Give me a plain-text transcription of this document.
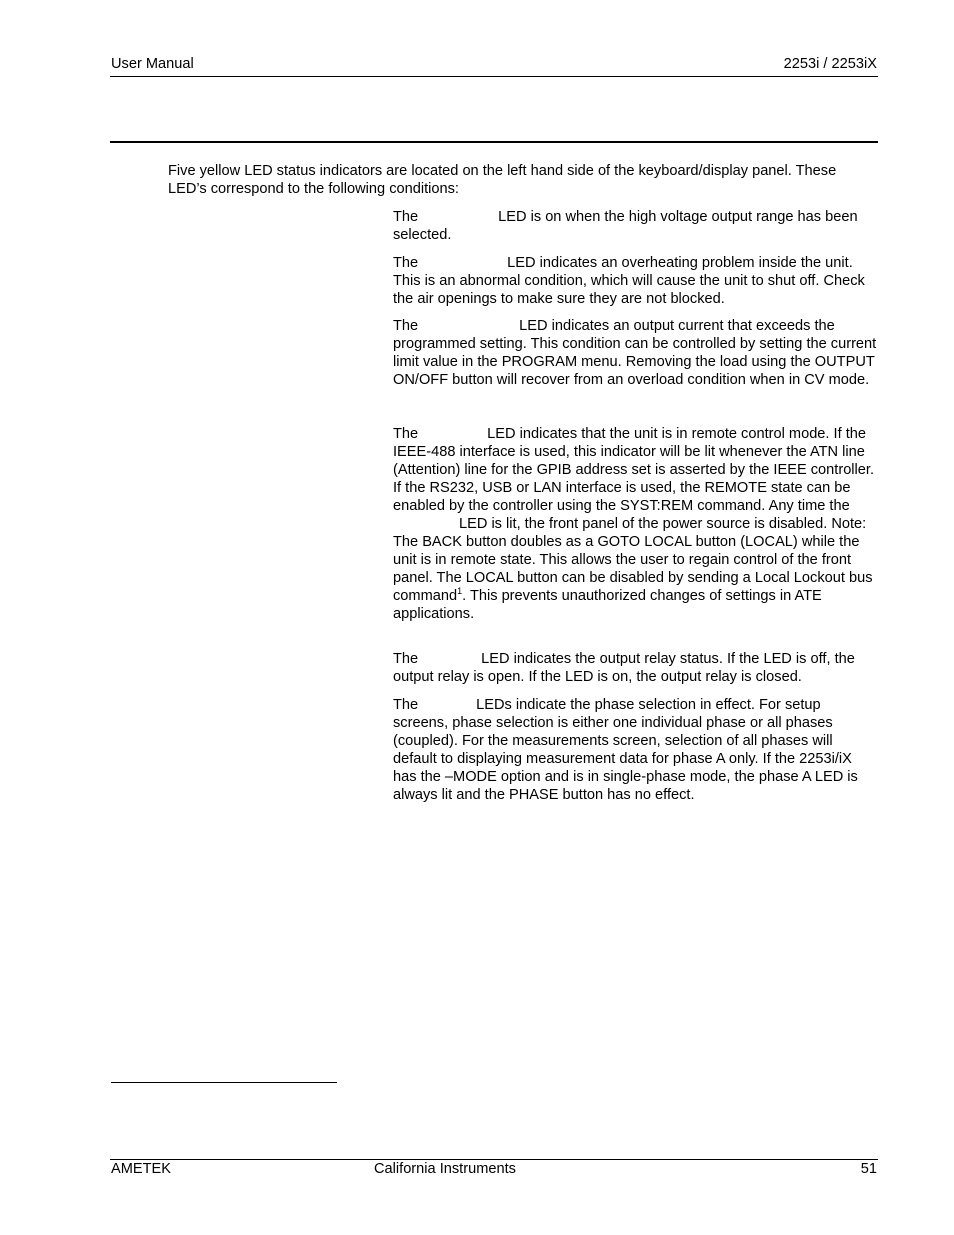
User Manual	2253i / 2253iX
Five yellow LED status indicators are located on the left hand side of the keyboard/display panel. These LED’s correspond to the following conditions:
The	LED is on when the high voltage output range has been selected.
The	LED indicates an overheating problem inside the unit. This is an abnormal condition, which will cause the unit to shut off. Check the air openings to make sure they are not blocked.
The	LED indicates an output current that exceeds the programmed setting. This condition can be controlled by setting the current limit value in the PROGRAM menu. Removing the load using the OUTPUT ON/OFF button will recover from an overload condition when in CV mode.
The	LED indicates that the unit is in remote control mode. If the IEEE-488 interface is used, this indicator will be lit whenever the ATN line (Attention) line for the GPIB address set is asserted by the IEEE controller. If the RS232, USB or LAN interface is used, the REMOTE state can be enabled by the controller using the SYST:REM command. Any time theLED is lit, the front panel of the power source is disabled. Note: The BACK button doubles as a GOTO LOCAL button (LOCAL) while the unit is in remote state. This allows the user to regain control of the front panel. The LOCAL button can be disabled by sending a Local Lockout bus command$^1$. This prevents unauthorized changes of settings in ATE applications.
The	LED indicates the output relay status. If the LED is off, the output relay is open. If the LED is on, the output relay is closed.
The	LEDs indicate the phase selection in effect. For setup screens, phase selection is either one individual phase or all phases (coupled). For the measurements screen, selection of all phases will default to displaying measurement data for phase A only. If the 2253i/iX has the –MODE option and is in single-phase mode, the phase A LED is always lit and the PHASE button has no effect.
AMETEK	California Instruments	51
